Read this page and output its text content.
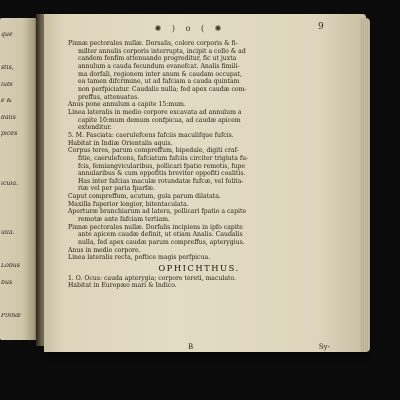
que
stis,
lubi
e &
dalis
pices
icula.
ulla.
Lobus
bus
Pinnæ
✺ ) o ( ✺	9
Pinnæ pectorales nullæ. Dorsalis, colore corporis & fi-
milter annulis corporis interrupta, incipit a collo & ad
candem fenfim attenuando progreditur, fic ut juxta
annulum a cauda fecundum evanefcat. Analis fimili-
ma dorfali, regionem inter anum & caudam occupat,
ea tamen difcrimine, ut ad fafciam a cauda quintam
non perfpiciatur. Caudalis nulla; fed apex caudæ com-
preffus, attenuatus.
Anus pone annulum a capite 15:mum.
Linea lateralis in medio corpore excavata ad annulum a
capite 10:mum demum confpicua, ad caudæ apicem
extenditur.
5. M. Fasciata: caerulefcens fafciis maculifque fufcis.
Habitat in Indiæ Orientalis aquis.
Corpus teres, parum compreffum, bipedale, digiti craf-
fitie, caerulefcens, fafciatum fafciis circiter trigiuta fu-
fcis, femiangvicularibus, pollicari fpatio remotis, fupe
annularibus & cum oppofitis breviter oppofiti coalitis.
Has inter fafcias maculæ rotundatæ fufcæ, vel folita-
riæ vel per paria fparfæ.
Caput compreffum, acutum, gula parum dilatata.
Maxilla fuperior longior, bitentaculata.
Aperturæ branchiarum ad latera, pollicari fpatio a capite
remotæ ante fafciam tertiam.
Pinnæ pectorales nullæ. Dorfalis incipiens in ipfo capite
ante apicem caudæ definit, ut etiam Analis. Caudalis
nulla, fed apex caudæ parum compreffus, apterygius.
Anus in medio corpore.
Linea lateralis recta, poftice magis perfpicua.
OPHICHTHUS.
1. O. Ocus: cauda apterygia; corpore tereti, maculato.
Habitat in Europæo mari & Indico.
B	Sy-
